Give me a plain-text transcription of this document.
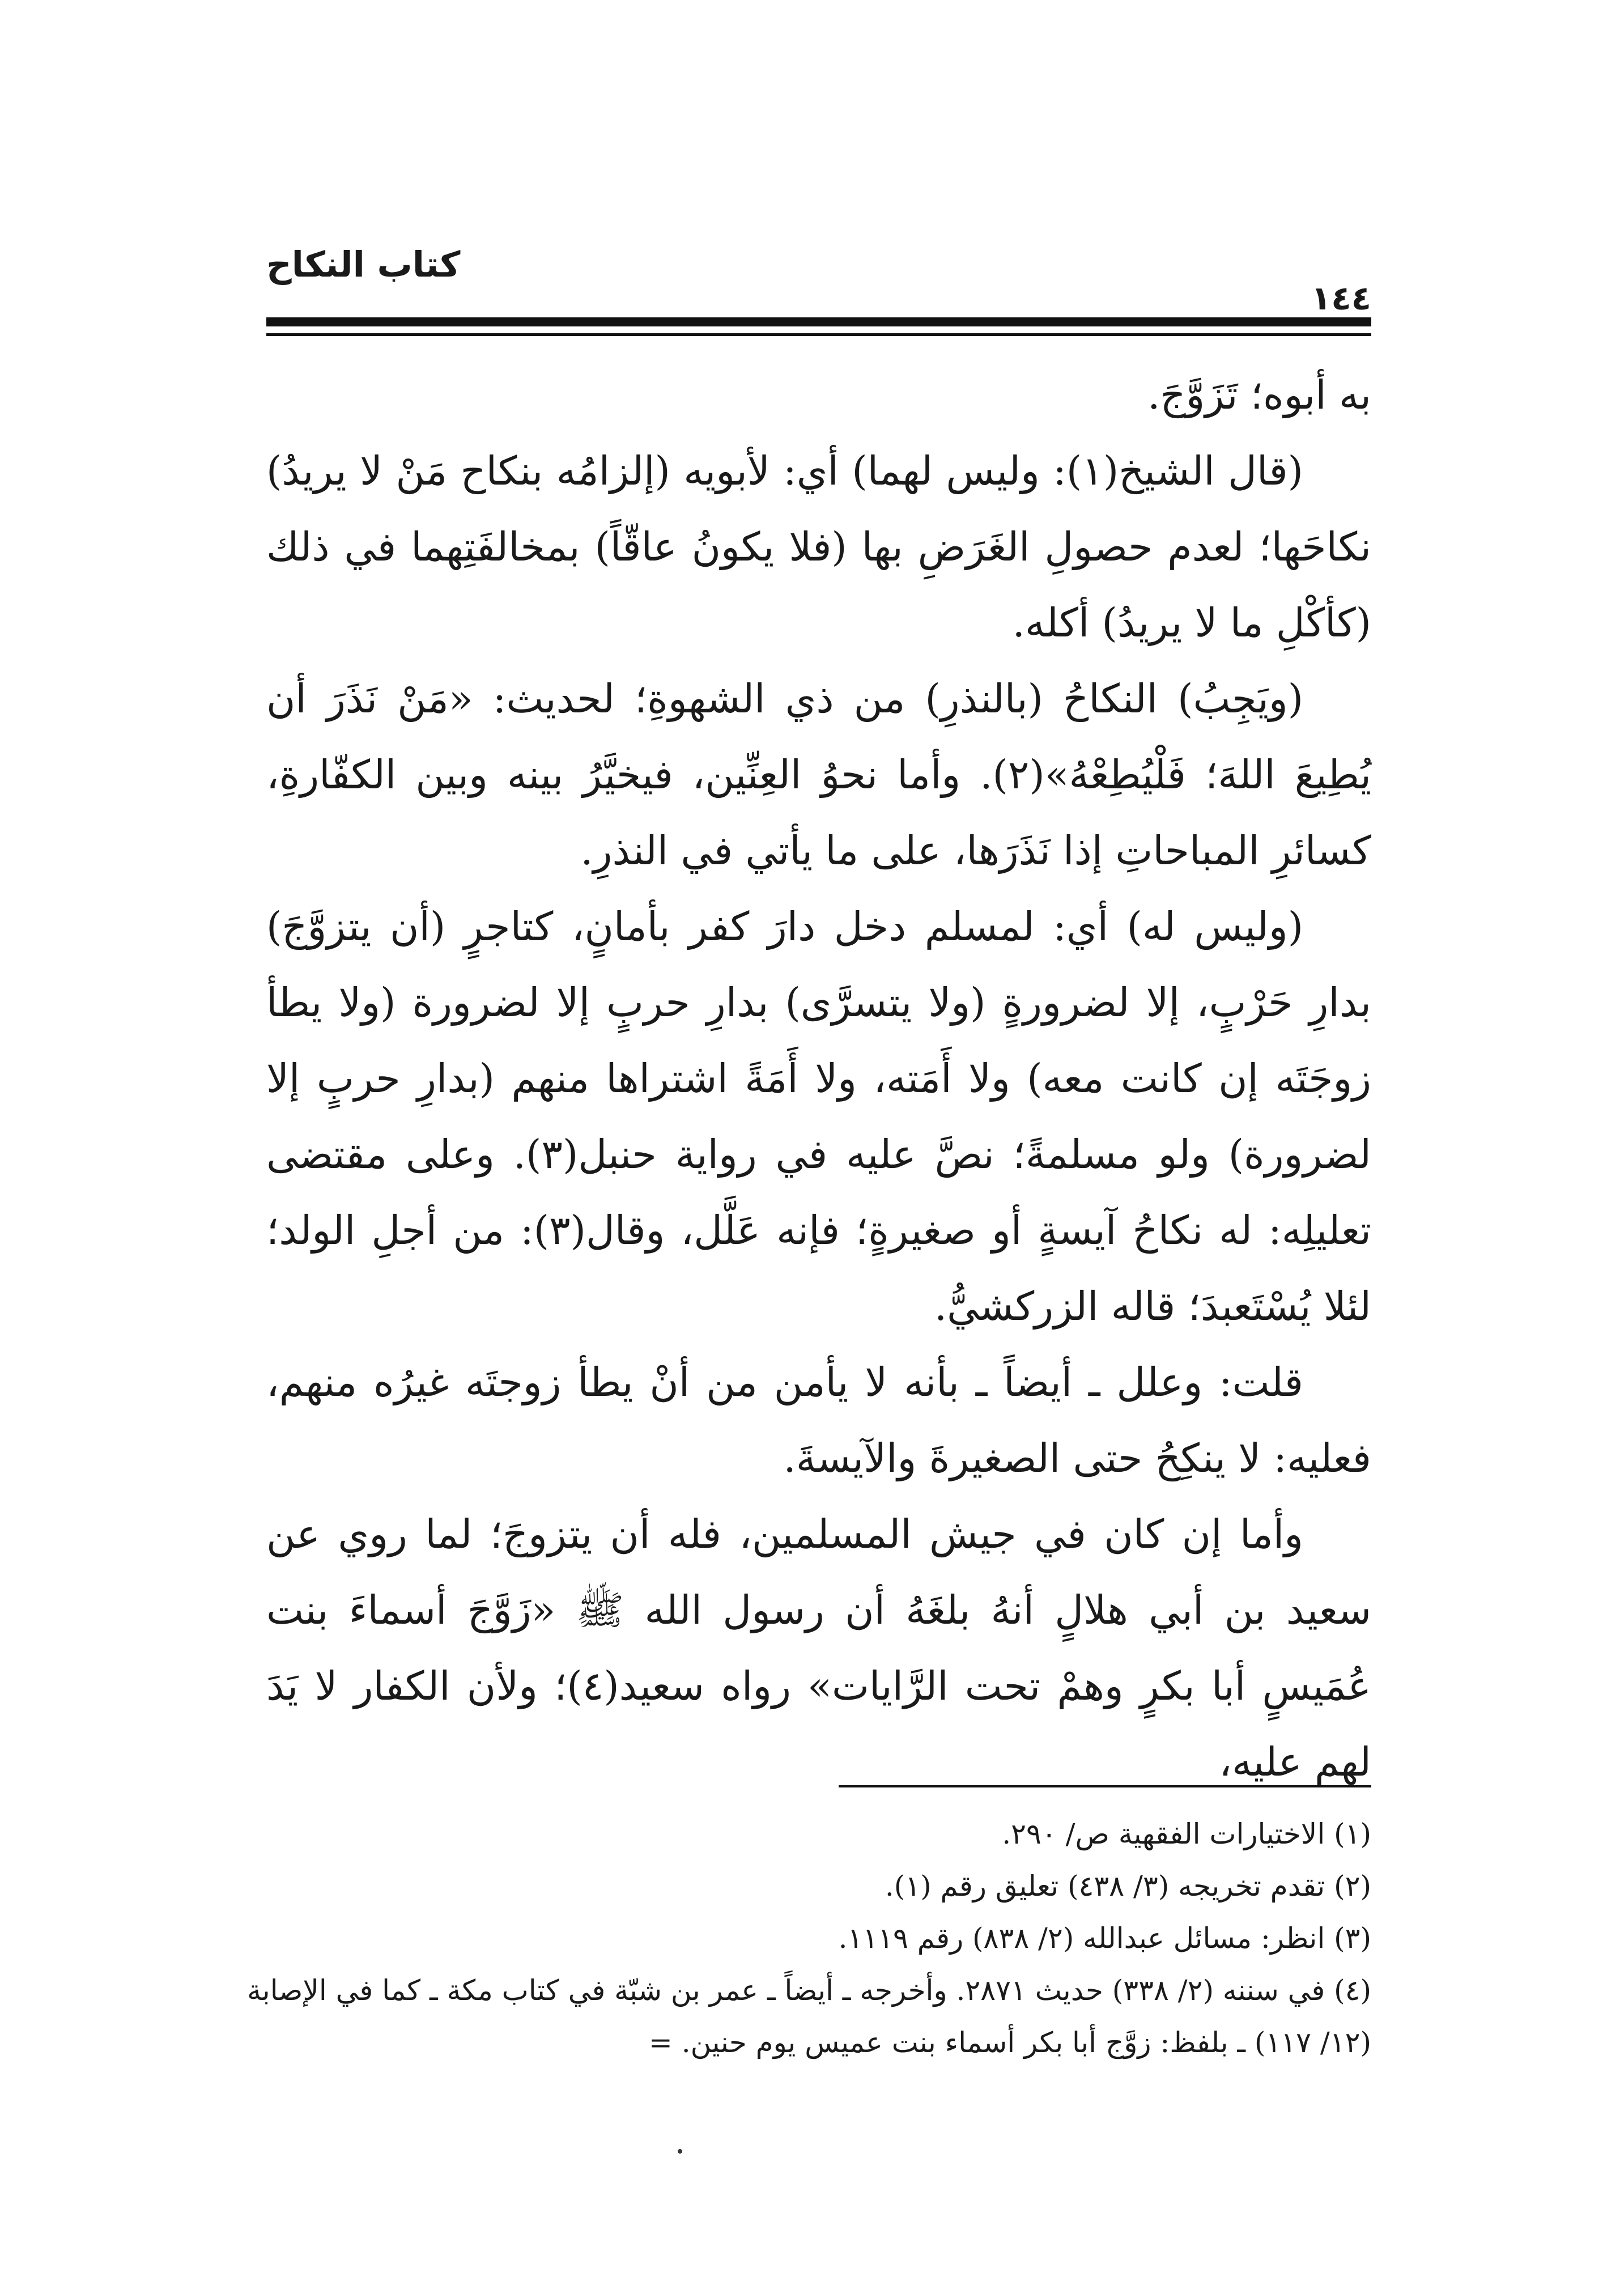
كتاب النكاح
١٤٤

به أبوه؛ تَزَوَّجَ.

(قال الشيخ(١): وليس لهما) أي: لأبويه (إلزامُه بنكاح مَنْ لا يريدُ) نكاحَها؛ لعدم حصولِ الغَرَضِ بها (فلا يكونُ عاقّاً) بمخالفَتِهما في ذلك (كأكْلِ ما لا يريدُ) أكله.

(ويَجِبُ) النكاحُ (بالنذرِ) من ذي الشهوةِ؛ لحديث: «مَنْ نَذَرَ أن يُطِيعَ اللهَ؛ فَلْيُطِعْهُ»(٢). وأما نحوُ العِنِّين، فيخيَّرُ بينه وبين الكفّارةِ، كسائرِ المباحاتِ إذا نَذَرَها، على ما يأتي في النذرِ.

(وليس له) أي: لمسلم دخل دارَ كفر بأمانٍ، كتاجرٍ (أن يتزوَّجَ) بدارِ حَرْبٍ، إلا لضرورةٍ (ولا يتسرَّى) بدارِ حربٍ إلا لضرورة (ولا يطأ زوجَتَه إن كانت معه) ولا أَمَته، ولا أَمَةً اشتراها منهم (بدارِ حربٍ إلا لضرورة) ولو مسلمةً؛ نصَّ عليه في رواية حنبل(٣). وعلى مقتضى تعليلِه: له نكاحُ آيسةٍ أو صغيرةٍ؛ فإنه عَلَّل، وقال(٣): من أجلِ الولد؛ لئلا يُسْتَعبدَ؛ قاله الزركشيُّ.

قلت: وعلل ـ أيضاً ـ بأنه لا يأمن من أنْ يطأ زوجتَه غيرُه منهم، فعليه: لا ينكِحُ حتى الصغيرةَ والآيسةَ.

وأما إن كان في جيش المسلمين، فله أن يتزوجَ؛ لما روي عن سعيد بن أبي هلالٍ أنهُ بلغَهُ أن رسول الله ﷺ «زَوَّجَ أسماءَ بنت عُمَيسٍ أبا بكرٍ وهمْ تحت الرَّايات» رواه سعيد(٤)؛ ولأن الكفار لا يَدَ لهم عليه،

(١) الاختيارات الفقهية ص/ ٢٩٠.

(٢) تقدم تخريجه (٣/ ٤٣٨) تعليق رقم (١).

(٣) انظر: مسائل عبدالله (٢/ ٨٣٨) رقم ١١١٩.

(٤) في سننه (٢/ ٣٣٨) حديث ٢٨٧١. وأخرجه ـ أيضاً ـ عمر بن شبّة في كتاب مكة ـ كما في الإصابة (١٢/ ١١٧) ـ بلفظ: زوَّج أبا بكر أسماء بنت عميس يوم حنين. =
